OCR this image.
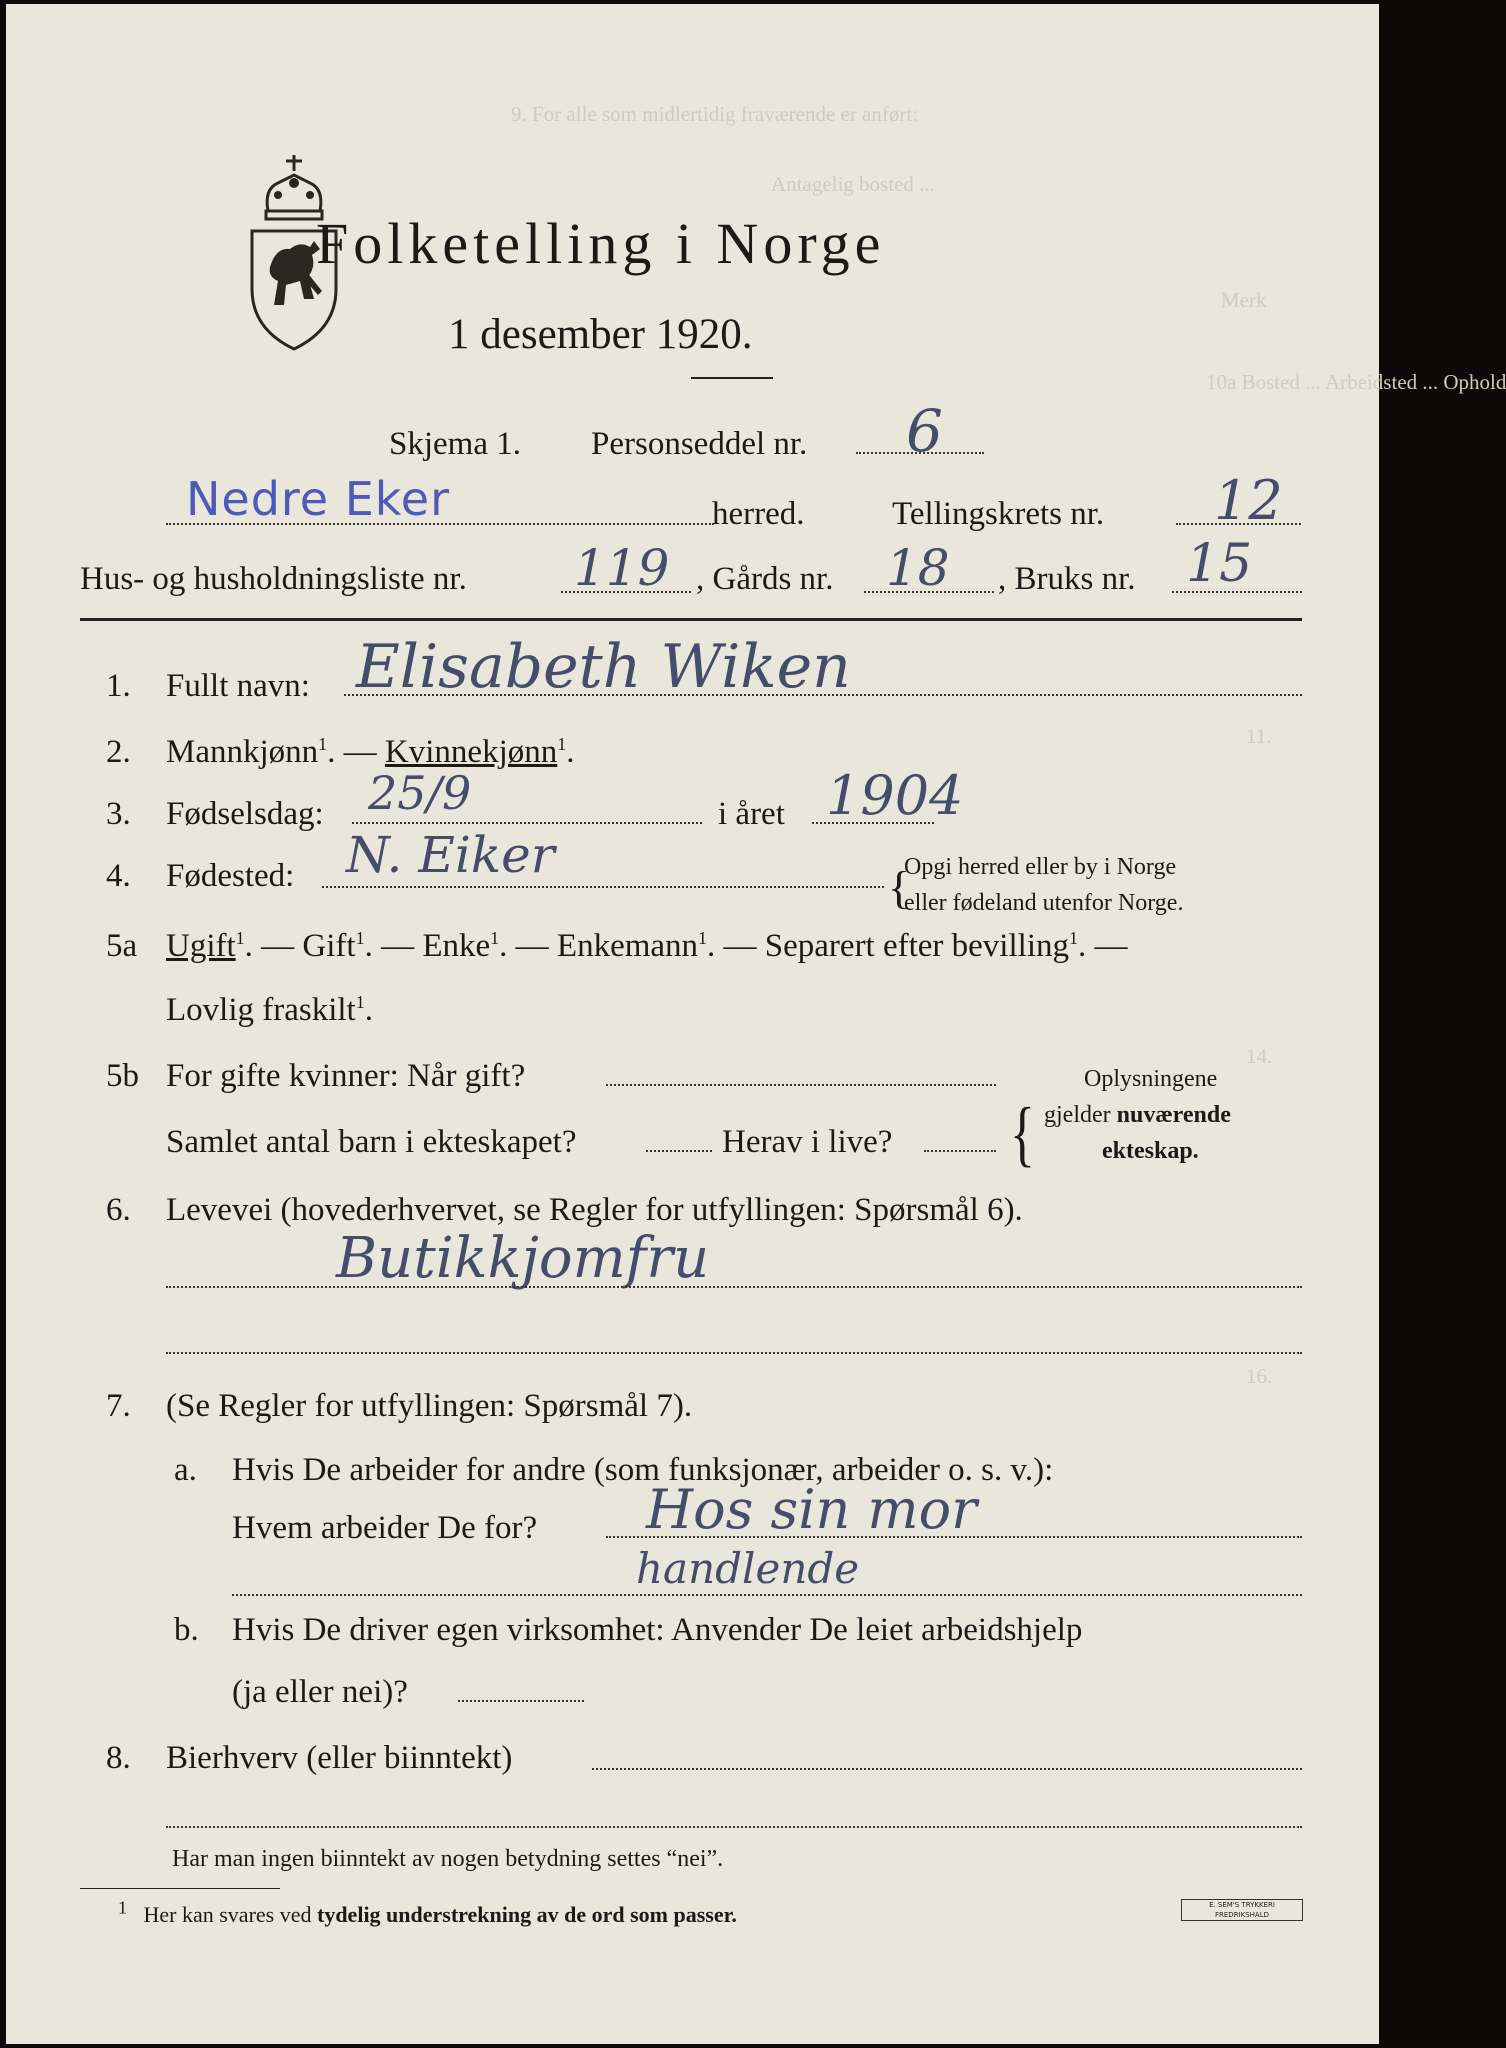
9. For alle som midlertidig fraværende er anført:
Antagelig bosted ...
Merk
10a Bosted ... Arbeidsted ... Ophold
11.
14.
16.
Folketelling i Norge
1 desember 1920.
Skjema 1. Personseddel nr. 6
Nedre Eker	herred.	Tellingskrets nr. 12
Hus- og husholdningsliste nr. 119 , Gårds nr. 18 , Bruks nr. 15
1. Fullt navn: Elisabeth Wiken
2. Mannkjønn$^1$. — Kvinnekjønn$^1$.
3. Fødselsdag: 25/9	i året 1904
4. Fødested: N. Eiker
{
Opgi herred eller by i Norge
eller fødeland utenfor Norge.
5a Ugift$^1$. — Gift$^1$. — Enke$^1$. — Enkemann$^1$. — Separert efter bevilling$^1$. —
Lovlig fraskilt$^1$.
5b For gifte kvinner: Når gift?
Samlet antal barn i ekteskapet?	Herav i live? {
Oplysningene
gjelder nuværende
ekteskap.
6. Levevei (hovederhvervet, se Regler for utfyllingen: Spørsmål 6).
Butikkjomfru
7. (Se Regler for utfyllingen: Spørsmål 7).
a. Hvis De arbeider for andre (som funksjonær, arbeider o. s. v.):
Hvem arbeider De for? Hos sin mor
handlende
b. Hvis De driver egen virksomhet: Anvender De leiet arbeidshjelp
(ja eller nei)?
8. Bierhverv (eller biinntekt)
Har man ingen biinntekt av nogen betydning settes “nei”.
$^1$ Her kan svares ved tydelig understrekning av de ord som passer.	E. SEM'S TRYKKERI
FREDRIKSHALD
